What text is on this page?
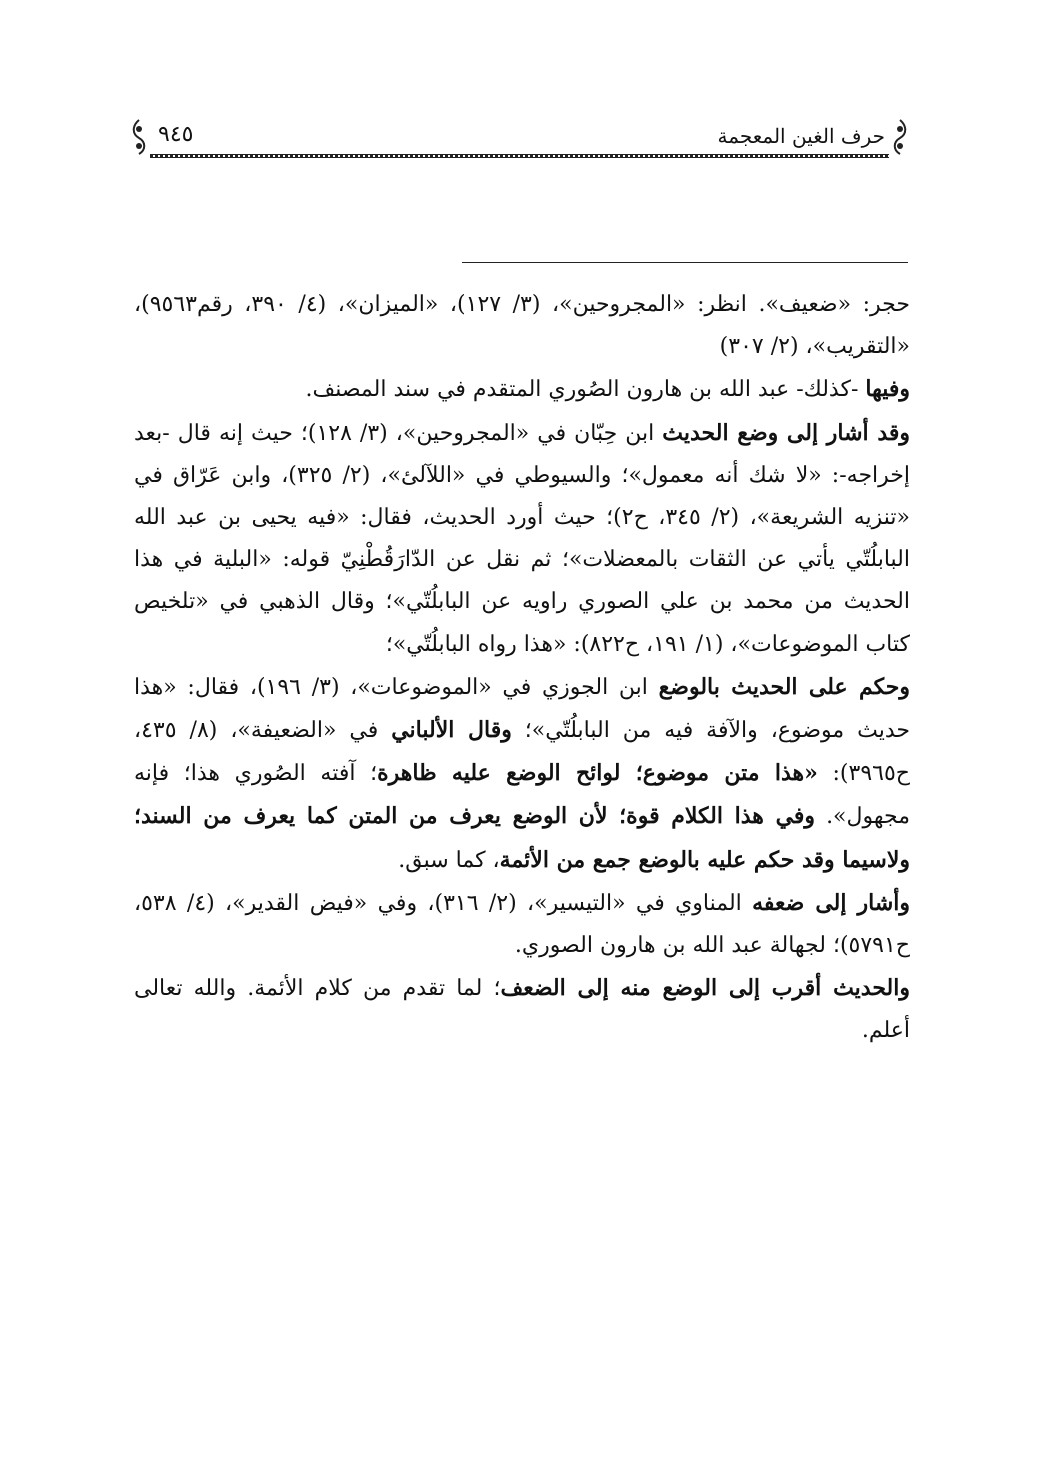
٩٤٥	حرف الغين المعجمة

حجر: «ضعيف». انظر: «المجروحين»، (٣/ ١٢٧)، «الميزان»، (٤/ ٣٩٠، رقم٩٥٦٣)، «التقريب»، (٢/ ٣٠٧)

وفيها -كذلك- عبد الله بن هارون الصُوري المتقدم في سند المصنف.

وقد أشار إلى وضع الحديث ابن حِبّان في «المجروحين»، (٣/ ١٢٨)؛ حيث إنه قال -بعد إخراجه-: «لا شك أنه معمول»؛ والسيوطي في «اللآلئ»، (٢/ ٣٢٥)، وابن عَرّاق في «تنزيه الشريعة»، (٢/ ٣٤٥، ح٢)؛ حيث أورد الحديث، فقال: «فيه يحيى بن عبد الله البابلُتّي يأتي عن الثقات بالمعضلات»؛ ثم نقل عن الدّارَقُطْنِيّ قوله: «البلية في هذا الحديث من محمد بن علي الصوري راويه عن البابلُتّي»؛ وقال الذهبي في «تلخيص كتاب الموضوعات»، (١/ ١٩١، ح٨٢٢): «هذا رواه البابلُتّي»؛

وحكم على الحديث بالوضع ابن الجوزي في «الموضوعات»، (٣/ ١٩٦)، فقال: «هذا حديث موضوع، والآفة فيه من البابلُتّي»؛ وقال الألباني في «الضعيفة»، (٨/ ٤٣٥، ح٣٩٦٥): «هذا متن موضوع؛ لوائح الوضع عليه ظاهرة؛ آفته الصُوري هذا؛ فإنه مجهول». وفي هذا الكلام قوة؛ لأن الوضع يعرف من المتن كما يعرف من السند؛ ولاسيما وقد حكم عليه بالوضع جمع من الأئمة، كما سبق.

وأشار إلى ضعفه المناوي في «التيسير»، (٢/ ٣١٦)، وفي «فيض القدير»، (٤/ ٥٣٨، ح٥٧٩١)؛ لجهالة عبد الله بن هارون الصوري.

والحديث أقرب إلى الوضع منه إلى الضعف؛ لما تقدم من كلام الأئمة. والله تعالى أعلم.
